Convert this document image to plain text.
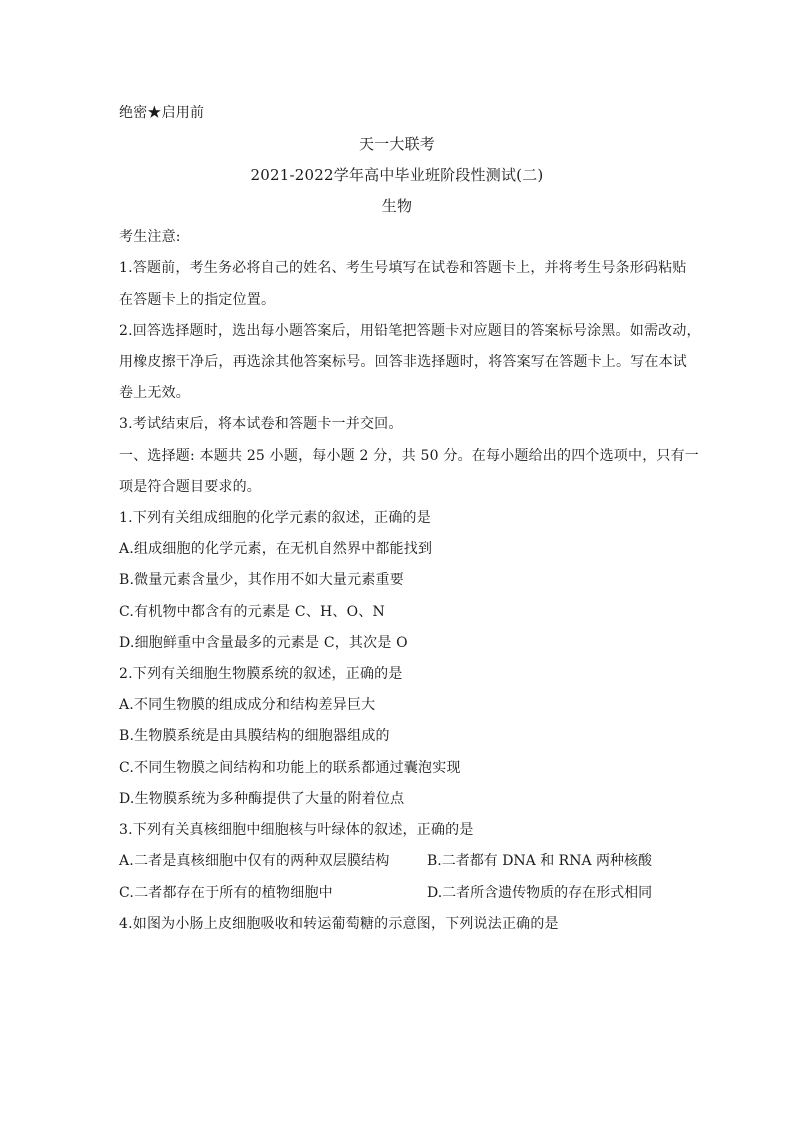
绝密★启用前
天一大联考
2021-2022学年高中毕业班阶段性测试(二)
生物
考生注意:
1.答题前，考生务必将自己的姓名、考生号填写在试卷和答题卡上，并将考生号条形码粘贴
在答题卡上的指定位置。
2.回答选择题时，选出每小题答案后，用铅笔把答题卡对应题目的答案标号涂黑。如需改动，
用橡皮擦干净后，再选涂其他答案标号。回答非选择题时，将答案写在答题卡上。写在本试
卷上无效。
3.考试结束后，将本试卷和答题卡一并交回。
一、选择题: 本题共 25 小题，每小题 2 分，共 50 分。在每小题给出的四个选项中，只有一
项是符合题目要求的。
1.下列有关组成细胞的化学元素的叙述，正确的是
A.组成细胞的化学元素，在无机自然界中都能找到
B.微量元素含量少，其作用不如大量元素重要
C.有机物中都含有的元素是 C、H、O、N
D.细胞鲜重中含量最多的元素是 C，其次是 O
2.下列有关细胞生物膜系统的叙述，正确的是
A.不同生物膜的组成成分和结构差异巨大
B.生物膜系统是由具膜结构的细胞器组成的
C.不同生物膜之间结构和功能上的联系都通过囊泡实现
D.生物膜系统为多种酶提供了大量的附着位点
3.下列有关真核细胞中细胞核与叶绿体的叙述，正确的是
A.二者是真核细胞中仅有的两种双层膜结构	B.二者都有 DNA 和 RNA 两种核酸
C.二者都存在于所有的植物细胞中	D.二者所含遗传物质的存在形式相同
4.如图为小肠上皮细胞吸收和转运葡萄糖的示意图，下列说法正确的是
